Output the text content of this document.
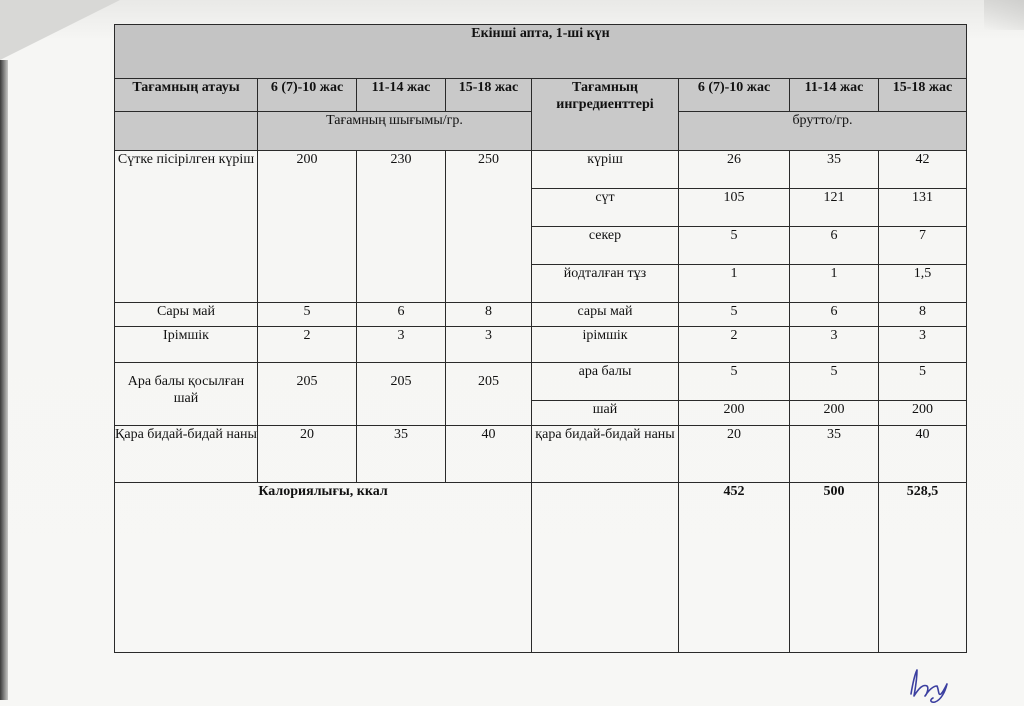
Екінші апта, 1-ші күн							
Тағамның атауы	6 (7)-10 жас	11-14 жас	15-18 жас	Тағамның ингредиенттері	6 (7)-10 жас	11-14 жас	15-18 жас
	Тағамның шығымы/гр.				брутто/гр.		
Сүтке пісірілген күріш	200	230	250	күріш	26	35	42
				сүт	105	121	131
				секер	5	6	7
				йодталған тұз	1	1	1,5
Сары май	5	6	8	сары май	5	6	8
Ірімшік	2	3	3	ірімшік	2	3	3
Ара балы қосылған шай	205	205	205	ара балы	5	5	5
				шай	200	200	200
Қара бидай-бидай наны	20	35	40	қара бидай-бидай наны	20	35	40
Калориялығы, ккал					452	500	528,5
